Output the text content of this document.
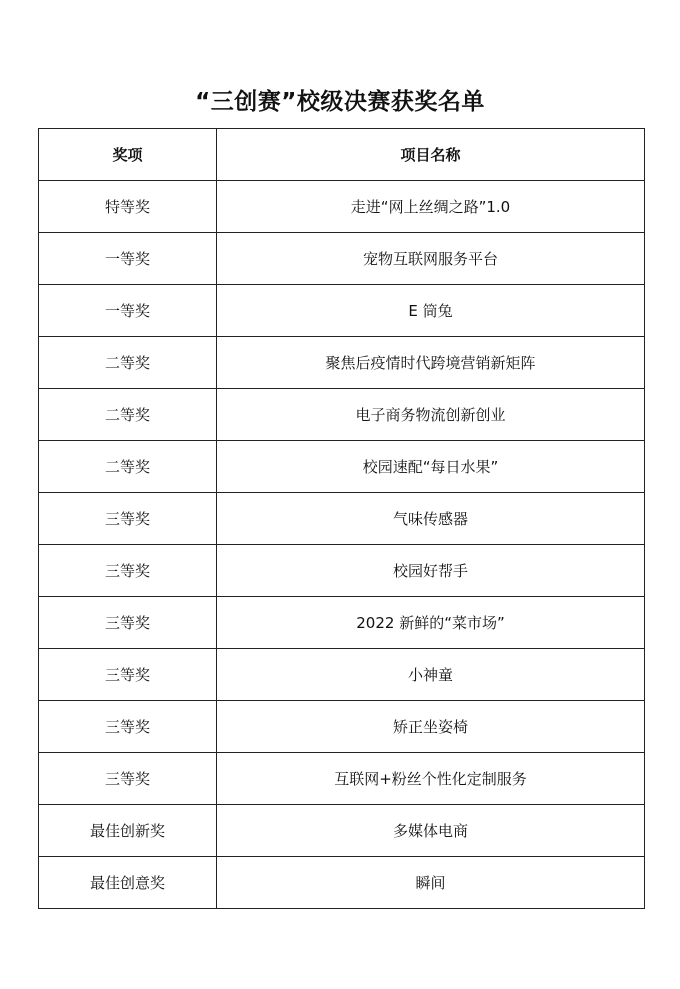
“三创赛”校级决赛获奖名单
奖项	项目名称
特等奖	走进“网上丝绸之路”1.0
一等奖	宠物互联网服务平台
一等奖	E 筒兔
二等奖	聚焦后疫情时代跨境营销新矩阵
二等奖	电子商务物流创新创业
二等奖	校园速配“每日水果”
三等奖	气味传感器
三等奖	校园好帮手
三等奖	2022 新鲜的“菜市场”
三等奖	小神童
三等奖	矫正坐姿椅
三等奖	互联网+粉丝个性化定制服务
最佳创新奖	多媒体电商
最佳创意奖	瞬间
